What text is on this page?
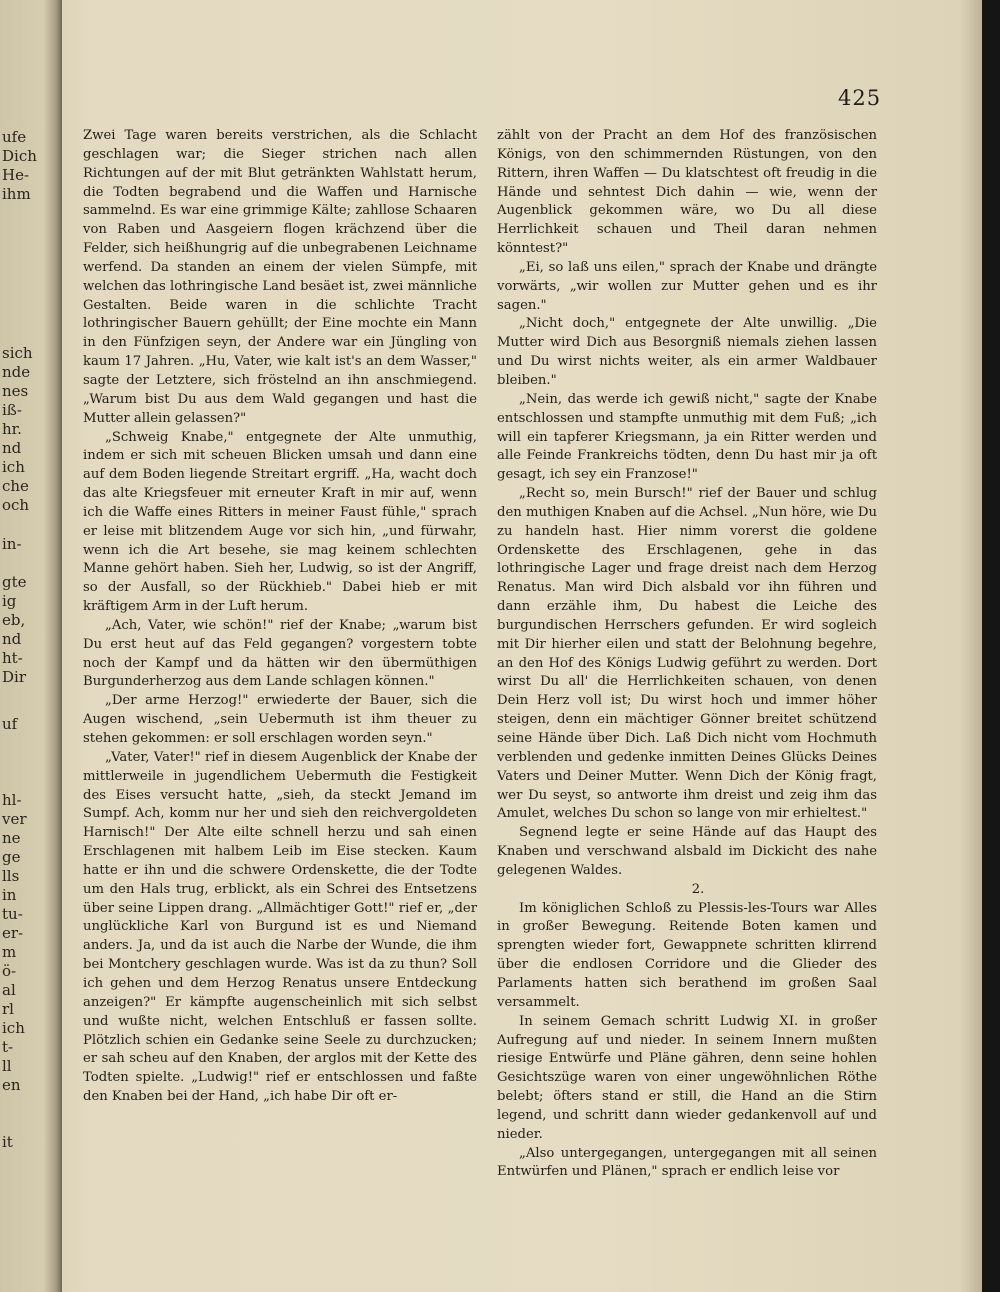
ufe
Dich
He-
ihm
sich
nde
nes
iß-
hr.
nd
ich
che
och
in-
gte
ig
eb,
nd
ht-
Dir
uf
hl-
ver
ne
ge
lls
in
tu-
er-
m
ö-
al
rl
ich
t-
ll
en
it
425

Zwei Tage waren bereits verstrichen, als die Schlacht geschlagen war; die Sieger strichen nach allen Richtungen auf der mit Blut getränkten Wahlstatt herum, die Todten begrabend und die Waffen und Harnische sammelnd. Es war eine grimmige Kälte; zahllose Schaaren von Raben und Aasgeiern flogen krächzend über die Felder, sich heißhungrig auf die unbegrabenen Leichname werfend. Da standen an einem der vielen Sümpfe, mit welchen das lothringische Land besäet ist, zwei männliche Gestalten. Beide waren in die schlichte Tracht lothringischer Bauern gehüllt; der Eine mochte ein Mann in den Fünfzigen seyn, der Andere war ein Jüngling von kaum 17 Jahren. „Hu, Vater, wie kalt ist's an dem Wasser," sagte der Letztere, sich fröstelnd an ihn anschmiegend. „Warum bist Du aus dem Wald gegangen und hast die Mutter allein gelassen?"

„Schweig Knabe," entgegnete der Alte unmuthig, indem er sich mit scheuen Blicken umsah und dann eine auf dem Boden liegende Streitart ergriff. „Ha, wacht doch das alte Kriegsfeuer mit erneuter Kraft in mir auf, wenn ich die Waffe eines Ritters in meiner Faust fühle," sprach er leise mit blitzendem Auge vor sich hin, „und fürwahr, wenn ich die Art besehe, sie mag keinem schlechten Manne gehört haben. Sieh her, Ludwig, so ist der Angriff, so der Ausfall, so der Rückhieb." Dabei hieb er mit kräftigem Arm in der Luft herum.

„Ach, Vater, wie schön!" rief der Knabe; „warum bist Du erst heut auf das Feld gegangen? vorgestern tobte noch der Kampf und da hätten wir den übermüthigen Burgunderherzog aus dem Lande schlagen können."

„Der arme Herzog!" erwiederte der Bauer, sich die Augen wischend, „sein Uebermuth ist ihm theuer zu stehen gekommen: er soll erschlagen worden seyn."

„Vater, Vater!" rief in diesem Augenblick der Knabe der mittlerweile in jugendlichem Uebermuth die Festigkeit des Eises versucht hatte, „sieh, da steckt Jemand im Sumpf. Ach, komm nur her und sieh den reichvergoldeten Harnisch!" Der Alte eilte schnell herzu und sah einen Erschlagenen mit halbem Leib im Eise stecken. Kaum hatte er ihn und die schwere Ordenskette, die der Todte um den Hals trug, erblickt, als ein Schrei des Entsetzens über seine Lippen drang. „Allmächtiger Gott!" rief er, „der unglückliche Karl von Burgund ist es und Niemand anders. Ja, und da ist auch die Narbe der Wunde, die ihm bei Montchery geschlagen wurde. Was ist da zu thun? Soll ich gehen und dem Herzog Renatus unsere Entdeckung anzeigen?" Er kämpfte augenscheinlich mit sich selbst und wußte nicht, welchen Entschluß er fassen sollte. Plötzlich schien ein Gedanke seine Seele zu durchzucken; er sah scheu auf den Knaben, der arglos mit der Kette des Todten spielte. „Ludwig!" rief er entschlossen und faßte den Knaben bei der Hand, „ich habe Dir oft er-

zählt von der Pracht an dem Hof des französischen Königs, von den schimmernden Rüstungen, von den Rittern, ihren Waffen — Du klatschtest oft freudig in die Hände und sehntest Dich dahin — wie, wenn der Augenblick gekommen wäre, wo Du all diese Herrlichkeit schauen und Theil daran nehmen könntest?"

„Ei, so laß uns eilen," sprach der Knabe und drängte vorwärts, „wir wollen zur Mutter gehen und es ihr sagen."

„Nicht doch," entgegnete der Alte unwillig. „Die Mutter wird Dich aus Besorgniß niemals ziehen lassen und Du wirst nichts weiter, als ein armer Waldbauer bleiben."

„Nein, das werde ich gewiß nicht," sagte der Knabe entschlossen und stampfte unmuthig mit dem Fuß; „ich will ein tapferer Kriegsmann, ja ein Ritter werden und alle Feinde Frankreichs tödten, denn Du hast mir ja oft gesagt, ich sey ein Franzose!"

„Recht so, mein Bursch!" rief der Bauer und schlug den muthigen Knaben auf die Achsel. „Nun höre, wie Du zu handeln hast. Hier nimm vorerst die goldene Ordenskette des Erschlagenen, gehe in das lothringische Lager und frage dreist nach dem Herzog Renatus. Man wird Dich alsbald vor ihn führen und dann erzähle ihm, Du habest die Leiche des burgundischen Herrschers gefunden. Er wird sogleich mit Dir hierher eilen und statt der Belohnung begehre, an den Hof des Königs Ludwig geführt zu werden. Dort wirst Du all' die Herrlichkeiten schauen, von denen Dein Herz voll ist; Du wirst hoch und immer höher steigen, denn ein mächtiger Gönner breitet schützend seine Hände über Dich. Laß Dich nicht vom Hochmuth verblenden und gedenke inmitten Deines Glücks Deines Vaters und Deiner Mutter. Wenn Dich der König fragt, wer Du seyst, so antworte ihm dreist und zeig ihm das Amulet, welches Du schon so lange von mir erhieltest."

Segnend legte er seine Hände auf das Haupt des Knaben und verschwand alsbald im Dickicht des nahe gelegenen Waldes.

2.

Im königlichen Schloß zu Plessis-les-Tours war Alles in großer Bewegung. Reitende Boten kamen und sprengten wieder fort, Gewappnete schritten klirrend über die endlosen Corridore und die Glieder des Parlaments hatten sich berathend im großen Saal versammelt.

In seinem Gemach schritt Ludwig XI. in großer Aufregung auf und nieder. In seinem Innern mußten riesige Entwürfe und Pläne gähren, denn seine hohlen Gesichtszüge waren von einer ungewöhnlichen Röthe belebt; öfters stand er still, die Hand an die Stirn legend, und schritt dann wieder gedankenvoll auf und nieder.

„Also untergegangen, untergegangen mit all seinen Entwürfen und Plänen," sprach er endlich leise vor
